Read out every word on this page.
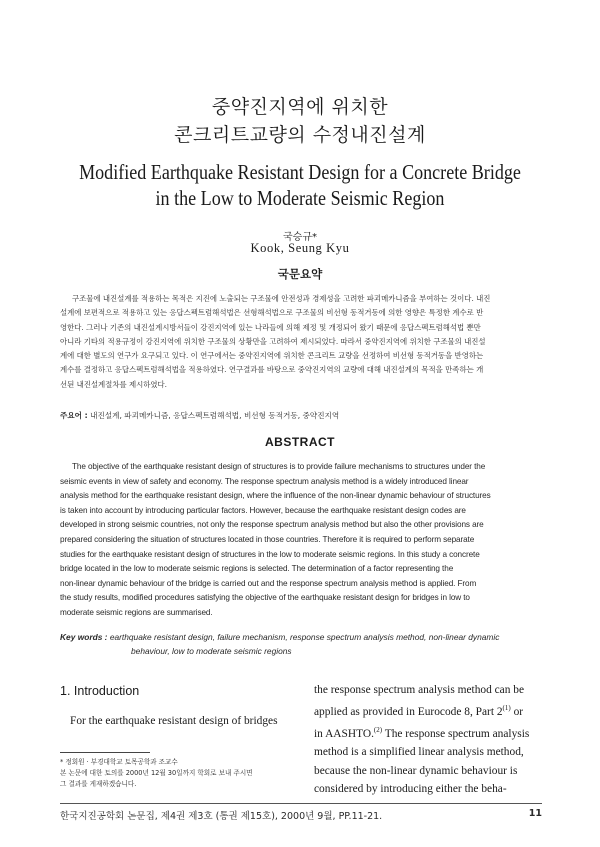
중약진지역에 위치한
콘크리트교량의 수정내진설계
Modified Earthquake Resistant Design for a Concrete Bridge
in the Low to Moderate Seismic Region
국승규*
Kook, Seung Kyu
국문요약
구조물에 내진설계를 적용하는 목적은 지진에 노출되는 구조물에 안전성과 경제성을 고려한 파괴메카니즘을 부여하는 것이다. 내진
설계에 보편적으로 적용하고 있는 응답스펙트럼해석법은 선형해석법으로 구조물의 비선형 동적거동에 의한 영향은 특정한 계수로 반
영한다. 그러나 기존의 내진설계시방서들이 강진지역에 있는 나라들에 의해 제정 및 개정되어 왔기 때문에 응답스펙트럼해석법 뿐만
아니라 기타의 적용규정이 강진지역에 위치한 구조물의 상황만을 고려하여 제시되었다. 따라서 중약진지역에 위치한 구조물의 내진설
계에 대한 별도의 연구가 요구되고 있다. 이 연구에서는 중약진지역에 위치한 콘크리트 교량을 선정하여 비선형 동적거동을 반영하는
계수를 결정하고 응답스펙트럼해석법을 적용하였다. 연구결과를 바탕으로 중약진지역의 교량에 대해 내진설계의 목적을 만족하는 개
선된 내진설계절차를 제시하였다.
주요어 : 내진설계, 파괴메카니즘, 응답스펙트럼해석법, 비선형 동적거동, 중약진지역
ABSTRACT
The objective of the earthquake resistant design of structures is to provide failure mechanisms to structures under the
seismic events in view of safety and economy. The response spectrum analysis method is a widely introduced linear
analysis method for the earthquake resistant design, where the influence of the non-linear dynamic behaviour of structures
is taken into account by introducing particular factors. However, because the earthquake resistant design codes are
developed in strong seismic countries, not only the response spectrum analysis method but also the other provisions are
prepared considering the situation of structures located in those countries. Therefore it is required to perform separate
studies for the earthquake resistant design of structures in the low to moderate seismic regions. In this study a concrete
bridge located in the low to moderate seismic regions is selected. The determination of a factor representing the
non-linear dynamic behaviour of the bridge is carried out and the response spectrum analysis method is applied. From
the study results, modified procedures satisfying the objective of the earthquake resistant design for bridges in low to
moderate seismic regions are summarised.
Key words : earthquake resistant design, failure mechanism, response spectrum analysis method, non-linear dynamic
behaviour, low to moderate seismic regions
1. Introduction
For the earthquake resistant design of bridges
the response spectrum analysis method can be
applied as provided in Eurocode 8, Part 2$^{(1)}$ or
in AASHTO.$^{(2)}$ The response spectrum analysis
method is a simplified linear analysis method,
because the non-linear dynamic behaviour is
considered by introducing either the beha-
* 정회원 · 부경대학교 토목공학과 조교수
본 논문에 대한 토의를 2000년 12월 30일까지 학회로 보내 주시면
그 결과를 게재하겠습니다.
한국지진공학회 논문집, 제4권 제3호 (통권 제15호), 2000년 9월, PP.11-21.	11
